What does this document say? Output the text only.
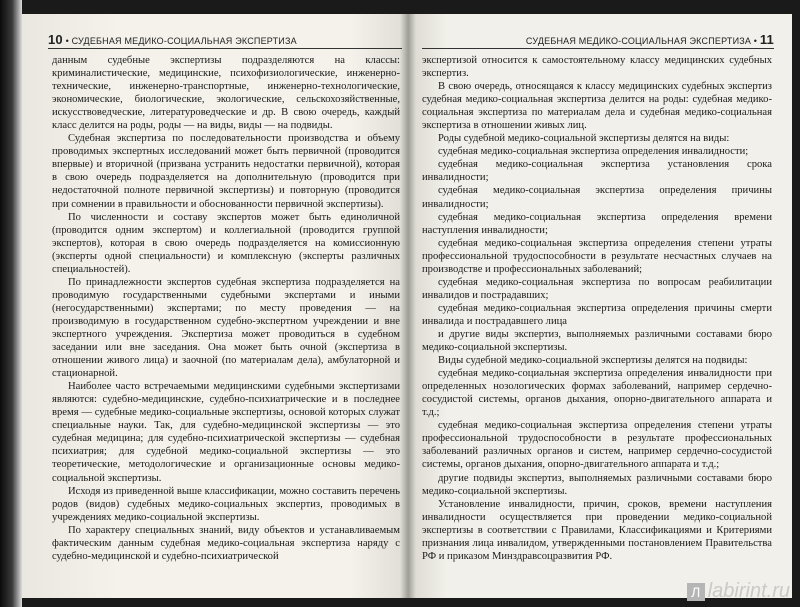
10 • СУДЕБНАЯ МЕДИКО-СОЦИАЛЬНАЯ ЭКСПЕРТИЗА

данным судебные экспертизы подразделяются на классы: криминалистические, медицинские, психофизиологические, инженерно-технические, инженерно-транспортные, инженерно-технологические, экономические, биологические, экологические, сельскохозяйственные, искусствоведческие, литературоведческие и др. В свою очередь, каждый класс делится на роды, роды — на виды, виды — на подвиды.

Судебная экспертиза по последовательности производства и объему проводимых экспертных исследований может быть первичной (проводится впервые) и вторичной (призвана устранить недостатки первичной), которая в свою очередь подразделяется на дополнительную (проводится при недостаточной полноте первичной экспертизы) и повторную (проводится при сомнении в правильности и обоснованности первичной экспертизы).

По численности и составу экспертов может быть единоличной (проводится одним экспертом) и коллегиальной (проводится группой экспертов), которая в свою очередь подразделяется на комиссионную (эксперты одной специальности) и комплексную (эксперты различных специальностей).

По принадлежности экспертов судебная экспертиза подразделяется на проводимую государственными судебными экспертами и иными (негосударственными) экспертами; по месту проведения — на производимую в государственном судебно-экспертном учреждении и вне экспертного учреждения. Экспертиза может проводиться в судебном заседании или вне заседания. Она может быть очной (экспертиза в отношении живого лица) и заочной (по материалам дела), амбулаторной и стационарной.

Наиболее часто встречаемыми медицинскими судебными экспертизами являются: судебно-медицинские, судебно-психиатрические и в последнее время — судебные медико-социальные экспертизы, основой которых служат специальные науки. Так, для судебно-медицинской экспертизы — это судебная медицина; для судебно-психиатрической экспертизы — судебная психиатрия; для судебной медико-социальной экспертизы — это теоретические, методологические и организационные основы медико-социальной экспертизы.

Исходя из приведенной выше классификации, можно составить перечень родов (видов) судебных медико-социальных экспертиз, проводимых в учреждениях медико-социальной экспертизы.

По характеру специальных знаний, виду объектов и устанавливаемым фактическим данным судебная медико-социальная экспертиза наряду с судебно-медицинской и судебно-психиатрической

СУДЕБНАЯ МЕДИКО-СОЦИАЛЬНАЯ ЭКСПЕРТИЗА • 11

экспертизой относится к самостоятельному классу медицинских судебных экспертиз.

В свою очередь, относящаяся к классу медицинских судебных экспертиз судебная медико-социальная экспертиза делится на роды: судебная медико-социальная экспертиза по материалам дела и судебная медико-социальная экспертиза в отношении живых лиц.

Роды судебной медико-социальной экспертизы делятся на виды:

судебная медико-социальная экспертиза определения инвалидности;

судебная медико-социальная экспертиза установления срока инвалидности;

судебная медико-социальная экспертиза определения причины инвалидности;

судебная медико-социальная экспертиза определения времени наступления инвалидности;

судебная медико-социальная экспертиза определения степени утраты профессиональной трудоспособности в результате несчастных случаев на производстве и профессиональных заболеваний;

судебная медико-социальная экспертиза по вопросам реабилитации инвалидов и пострадавших;

судебная медико-социальная экспертиза определения причины смерти инвалида и пострадавшего лица

и другие виды экспертиз, выполняемых различными составами бюро медико-социальной экспертизы.

Виды судебной медико-социальной экспертизы делятся на подвиды:

судебная медико-социальная экспертиза определения инвалидности при определенных нозологических формах заболеваний, например сердечно-сосудистой системы, органов дыхания, опорно-двигательного аппарата и т.д.;

судебная медико-социальная экспертиза определения степени утраты профессиональной трудоспособности в результате профессиональных заболеваний различных органов и систем, например сердечно-сосудистой системы, органов дыхания, опорно-двигательного аппарата и т.д.;

другие подвиды экспертиз, выполняемых различными составами бюро медико-социальной экспертизы.

Установление инвалидности, причин, сроков, времени наступления инвалидности осуществляется при проведении медико-социальной экспертизы в соответствии с Правилами, Классификациями и Критериями признания лица инвалидом, утвержденными постановлением Правительства РФ и приказом Минздравсоцразвития РФ.

Л labirint.ru
